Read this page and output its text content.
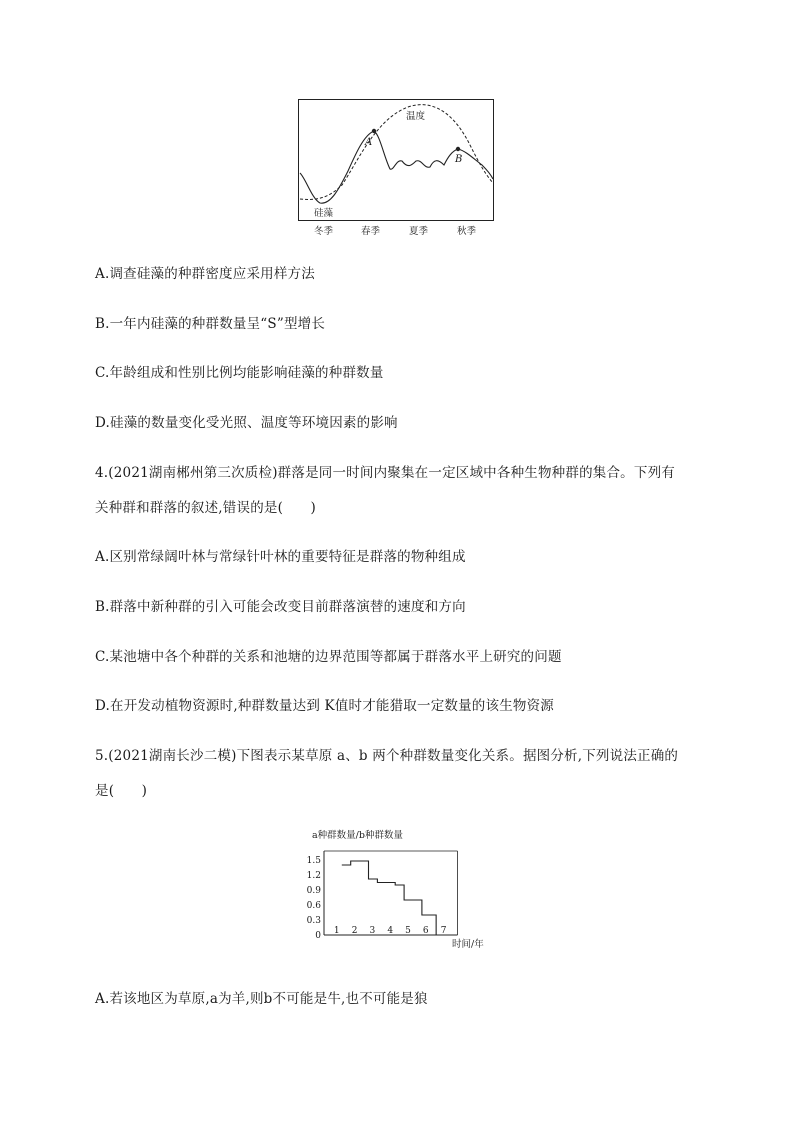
A
B
温度
硅藻
冬季	春季	夏季	秋季
A.调查硅藻的种群密度应采用样方法
B.一年内硅藻的种群数量呈“S”型增长
C.年龄组成和性别比例均能影响硅藻的种群数量
D.硅藻的数量变化受光照、温度等环境因素的影响
4.(2021湖南郴州第三次质检)群落是同一时间内聚集在一定区域中各种生物种群的集合。下列有
关种群和群落的叙述,错误的是(　　)
A.区别常绿阔叶林与常绿针叶林的重要特征是群落的物种组成
B.群落中新种群的引入可能会改变目前群落演替的速度和方向
C.某池塘中各个种群的关系和池塘的边界范围等都属于群落水平上研究的问题
D.在开发动植物资源时,种群数量达到 K值时才能猎取一定数量的该生物资源
5.(2021湖南长沙二模)下图表示某草原 a、b 两个种群数量变化关系。据图分析,下列说法正确的
是(　　)
a种群数量/b种群数量
时间/年
0
0.3
0.6
0.9
1.2
1.5
1 2 3 4 5 6 7
A.若该地区为草原,a为羊,则b不可能是牛,也不可能是狼
